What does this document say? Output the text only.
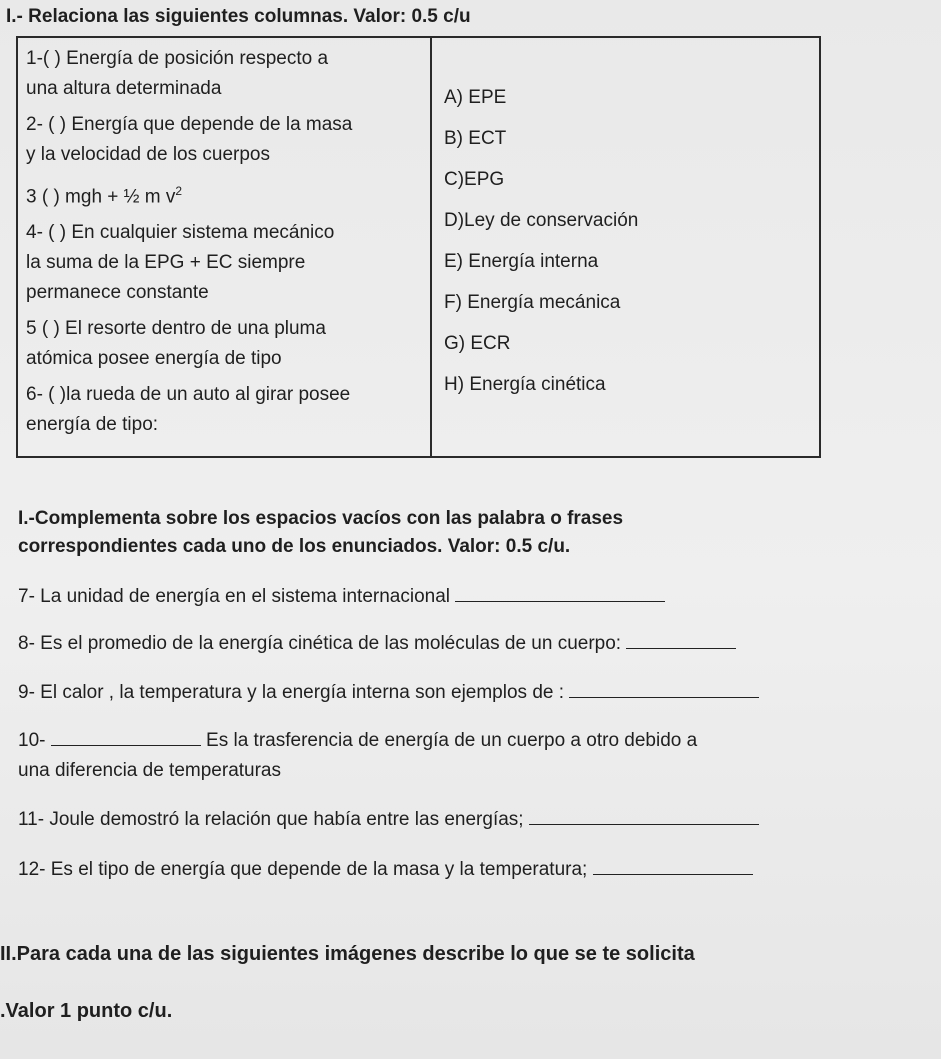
I.- Relaciona las siguientes columnas. Valor: 0.5 c/u
1-( ) Energía de posición respecto a
una altura determinada
2- ( ) Energía que depende de la masa
y la velocidad de los cuerpos
3 ( ) mgh + ½ m $v^2$
4- ( ) En cualquier sistema mecánico
la suma de la EPG + EC siempre
permanece constante
5 ( ) El resorte dentro de una pluma
atómica posee energía de tipo
6- ( )la rueda de un auto al girar posee
energía de tipo:

A) EPE
B) ECT
C)EPG
D)Ley de conservación
E) Energía interna
F) Energía mecánica
G) ECR
H) Energía cinética
I.-Complementa sobre los espacios vacíos con las palabra o frases
correspondientes cada uno de los enunciados. Valor: 0.5 c/u.
7- La unidad de energía en el sistema internacional
8- Es el promedio de la energía cinética de las moléculas de un cuerpo:
9- El calor , la temperatura y la energía interna son ejemplos de :
10-	Es la trasferencia de energía de un cuerpo a otro debido a
una diferencia de temperaturas
11- Joule demostró la relación que había entre las energías;
12- Es el tipo de energía que depende de la masa y la temperatura;
II.Para cada una de las siguientes imágenes describe lo que se te solicita
.Valor 1 punto c/u.
